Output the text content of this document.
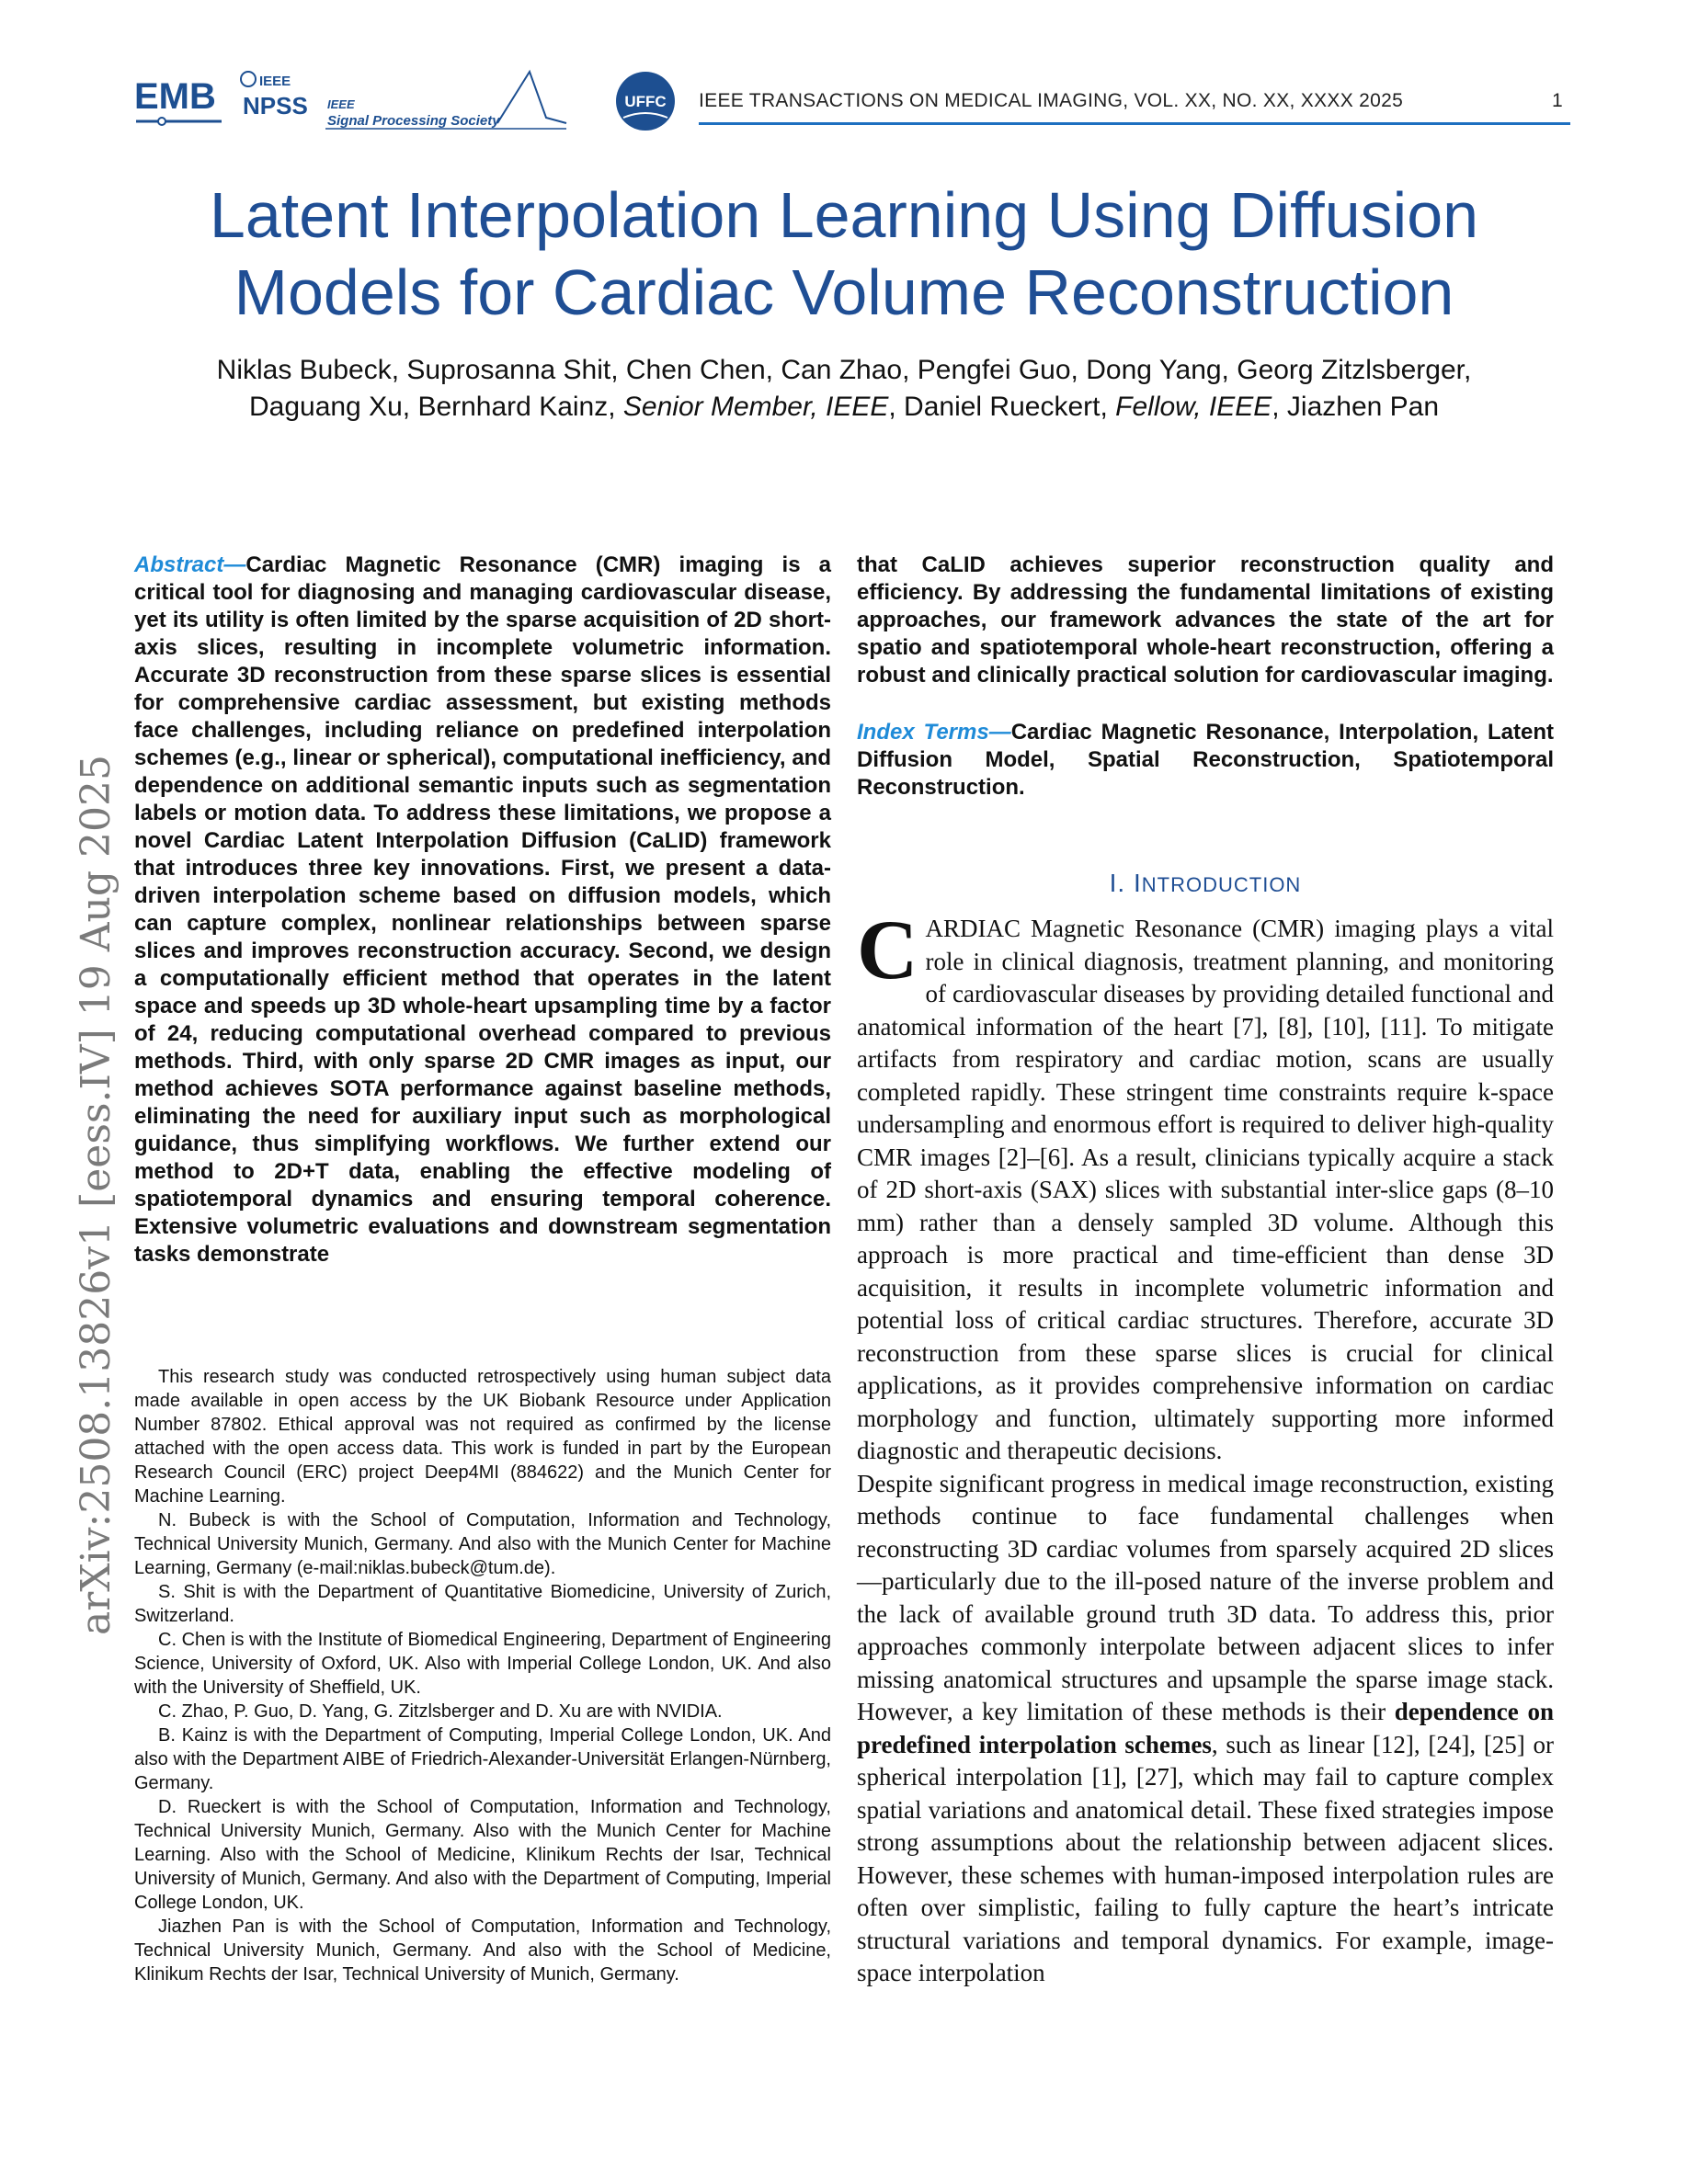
EMB	IEEE
NPSS IEEE
Signal Processing Society
UFFC IEEE TRANSACTIONS ON MEDICAL IMAGING, VOL. XX, NO. XX, XXXX 2025	1
Latent Interpolation Learning Using Diffusion
Models for Cardiac Volume Reconstruction
Niklas Bubeck, Suprosanna Shit, Chen Chen, Can Zhao, Pengfei Guo, Dong Yang, Georg Zitzlsberger,
Daguang Xu, Bernhard Kainz, Senior Member, IEEE, Daniel Rueckert, Fellow, IEEE, Jiazhen Pan
arXiv:2508.13826v1 [eess.IV] 19 Aug 2025
Abstract—Cardiac Magnetic Resonance (CMR) imaging is a critical tool for diagnosing and managing cardiovascular disease, yet its utility is often limited by the sparse acquisition of 2D short-axis slices, resulting in incomplete volumetric information. Accurate 3D reconstruction from these sparse slices is essential for comprehensive cardiac assessment, but existing methods face challenges, including reliance on predefined interpolation schemes (e.g., linear or spherical), computational inefficiency, and dependence on additional semantic inputs such as segmentation labels or motion data. To address these limitations, we propose a novel Cardiac Latent Interpolation Diffusion (CaLID) framework that introduces three key innovations. First, we present a data-driven interpolation scheme based on diffusion models, which can capture complex, nonlinear relationships between sparse slices and improves reconstruction accuracy. Second, we design a computationally efficient method that operates in the latent space and speeds up 3D whole-heart upsampling time by a factor of 24, reducing computational overhead compared to previous methods. Third, with only sparse 2D CMR images as input, our method achieves SOTA performance against baseline methods, eliminating the need for auxiliary input such as morphological guidance, thus simplifying workflows. We further extend our method to 2D+T data, enabling the effective modeling of spatiotemporal dynamics and ensuring temporal coherence. Extensive volumetric evaluations and downstream segmentation tasks demonstrate
that CaLID achieves superior reconstruction quality and efficiency. By addressing the fundamental limitations of existing approaches, our framework advances the state of the art for spatio and spatiotemporal whole-heart reconstruction, offering a robust and clinically practical solution for cardiovascular imaging.
Index Terms—Cardiac Magnetic Resonance, Interpolation, Latent Diffusion Model, Spatial Reconstruction, Spatiotemporal Reconstruction.

This research study was conducted retrospectively using human subject data made available in open access by the UK Biobank Resource under Application Number 87802. Ethical approval was not required as confirmed by the license attached with the open access data. This work is funded in part by the European Research Council (ERC) project Deep4MI (884622) and the Munich Center for Machine Learning.

N. Bubeck is with the School of Computation, Information and Technology, Technical University Munich, Germany. And also with the Munich Center for Machine Learning, Germany (e-mail:niklas.bubeck@tum.de).

S. Shit is with the Department of Quantitative Biomedicine, University of Zurich, Switzerland.

C. Chen is with the Institute of Biomedical Engineering, Department of Engineering Science, University of Oxford, UK. Also with Imperial College London, UK. And also with the University of Sheffield, UK.

C. Zhao, P. Guo, D. Yang, G. Zitzlsberger and D. Xu are with NVIDIA.

B. Kainz is with the Department of Computing, Imperial College London, UK. And also with the Department AIBE of Friedrich-Alexander-Universität Erlangen-Nürnberg, Germany.

D. Rueckert is with the School of Computation, Information and Technology, Technical University Munich, Germany. Also with the Munich Center for Machine Learning. Also with the School of Medicine, Klinikum Rechts der Isar, Technical University of Munich, Germany. And also with the Department of Computing, Imperial College London, UK.

Jiazhen Pan is with the School of Computation, Information and Technology, Technical University Munich, Germany. And also with the School of Medicine, Klinikum Rechts der Isar, Technical University of Munich, Germany.

I. INTRODUCTION

CARDIAC Magnetic Resonance (CMR) imaging plays a vital role in clinical diagnosis, treatment planning, and monitoring of cardiovascular diseases by providing detailed functional and anatomical information of the heart [7], [8], [10], [11]. To mitigate artifacts from respiratory and cardiac motion, scans are usually completed rapidly. These stringent time constraints require k-space undersampling and enormous effort is required to deliver high-quality CMR images [2]–[6]. As a result, clinicians typically acquire a stack of 2D short-axis (SAX) slices with substantial inter-slice gaps (8–10 mm) rather than a densely sampled 3D volume. Although this approach is more practical and time-efficient than dense 3D acquisition, it results in incomplete volumetric information and potential loss of critical cardiac structures. Therefore, accurate 3D reconstruction from these sparse slices is crucial for clinical applications, as it provides comprehensive information on cardiac morphology and function, ultimately supporting more informed diagnostic and therapeutic decisions.

Despite significant progress in medical image reconstruction, existing methods continue to face fundamental challenges when reconstructing 3D cardiac volumes from sparsely acquired 2D slices—particularly due to the ill-posed nature of the inverse problem and the lack of available ground truth 3D data. To address this, prior approaches commonly interpolate between adjacent slices to infer missing anatomical structures and upsample the sparse image stack. However, a key limitation of these methods is their dependence on predefined interpolation schemes, such as linear [12], [24], [25] or spherical interpolation [1], [27], which may fail to capture complex spatial variations and anatomical detail. These fixed strategies impose strong assumptions about the relationship between adjacent slices. However, these schemes with human-imposed interpolation rules are often over simplistic, failing to fully capture the heart’s intricate structural variations and temporal dynamics. For example, image-space interpolation
